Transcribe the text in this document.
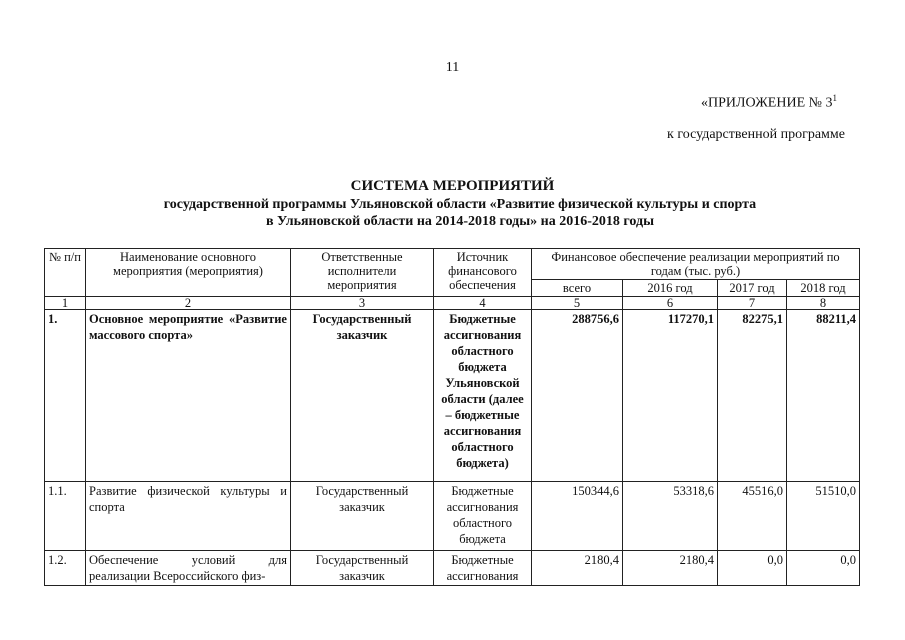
11
«ПРИЛОЖЕНИЕ № $3^1$
к государственной программе
СИСТЕМА МЕРОПРИЯТИЙ
государственной программы Ульяновской области «Развитие физической культуры и спорта
в Ульяновской области на 2014-2018 годы» на 2016-2018 годы
№ п/п	Наименование основного мероприятия (мероприятия)	Ответственные исполнители мероприятия	Источник финансового обеспечения	Финансовое обеспечение реализации мероприятий по годам (тыс. руб.)			
				всего	2016 год	2017 год	2018 год
1	2	3	4	5	6	7	8
1.	Основное мероприятие «Развитие массового спорта»	Государственный заказчик	Бюджетные ассигнования областного бюджета Ульяновской области (далее – бюджетные ассигнования областного бюджета)	288756,6	117270,1	82275,1	88211,4
1.1.	Развитие физической культуры и спорта	Государственный заказчик	Бюджетные ассигнования областного бюджета	150344,6	53318,6	45516,0	51510,0
1.2.	Обеспечение условий для реализации Всероссийского физ-	Государственный заказчик	Бюджетные ассигнования	2180,4	2180,4	0,0	0,0
